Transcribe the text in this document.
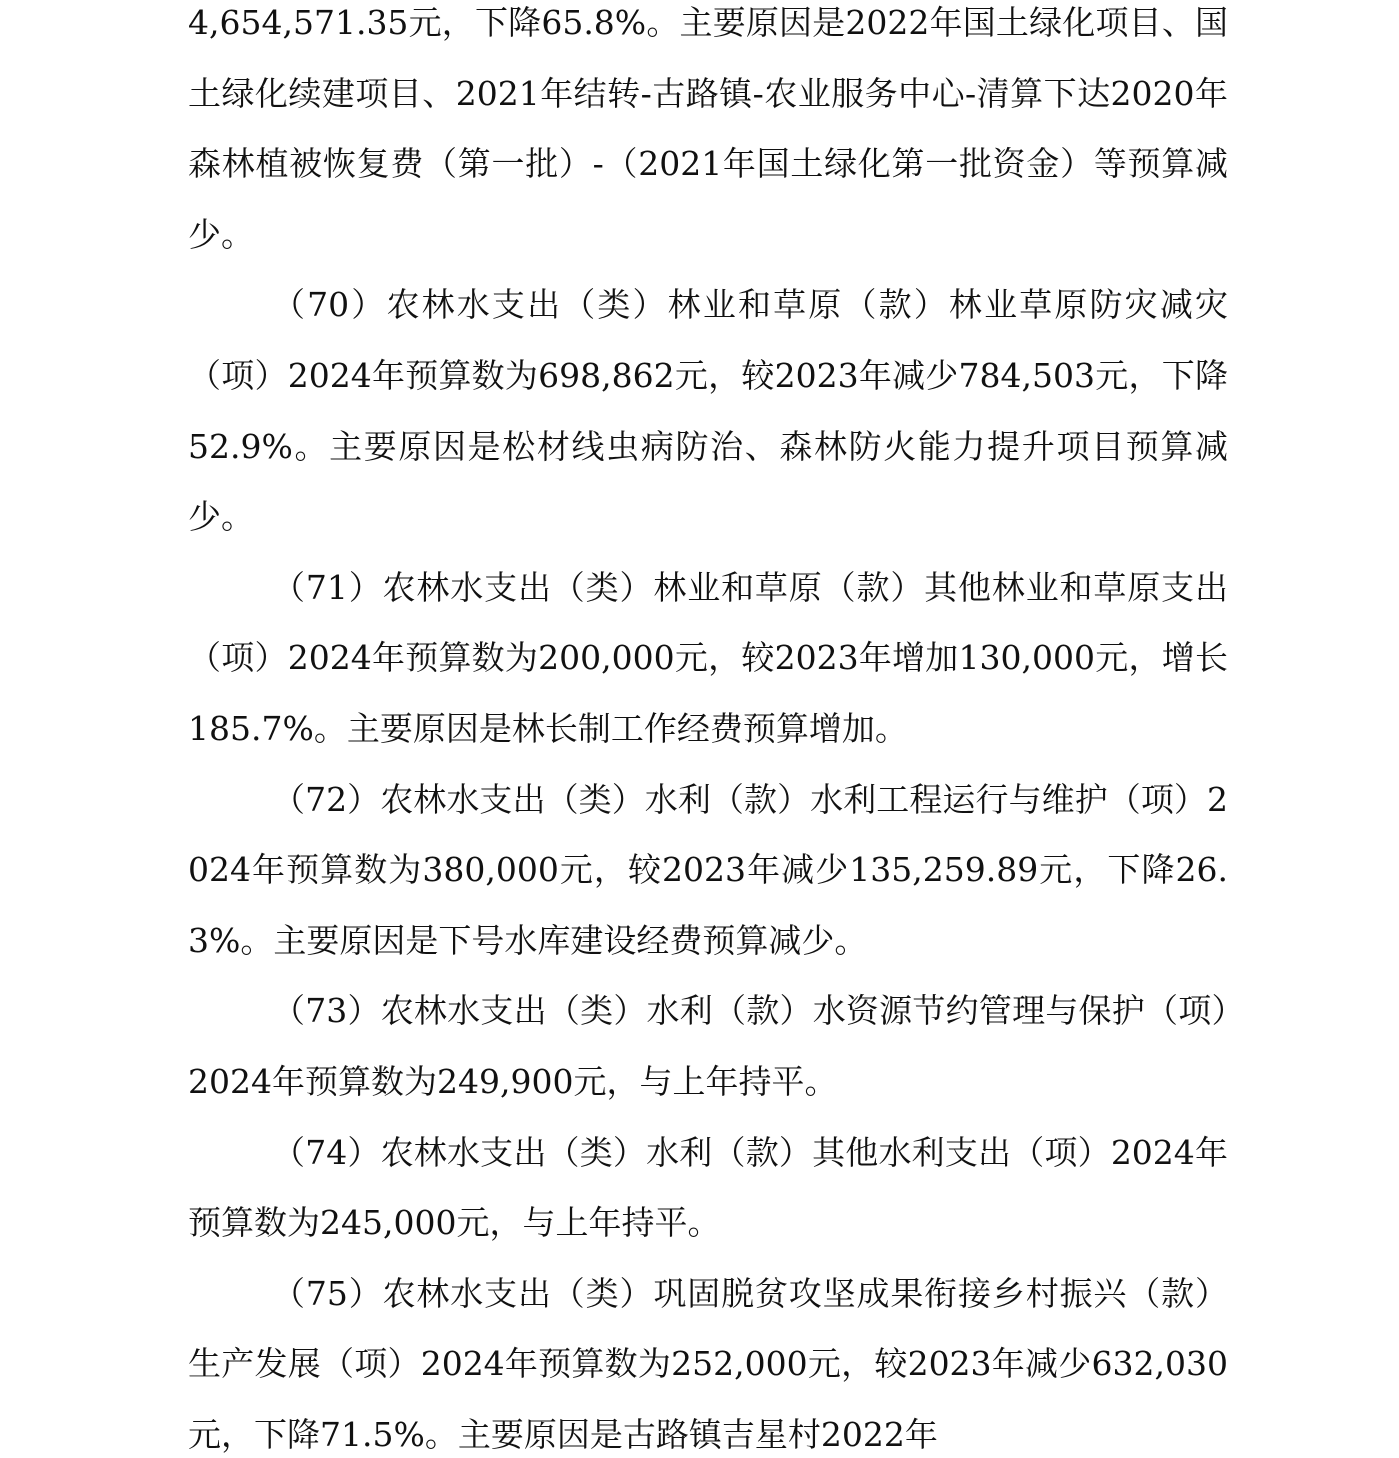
4,654,571.35元，下降65.8%。主要原因是2022年国土绿化项目、国土绿化续建项目、2021年结转-古路镇-农业服务中心-清算下达2020年森林植被恢复费（第一批）-（2021年国土绿化第一批资金）等预算减少。

（70）农林水支出（类）林业和草原（款）林业草原防灾减灾（项）2024年预算数为698,862元，较2023年减少784,503元，下降52.9%。主要原因是松材线虫病防治、森林防火能力提升项目预算减少。

（71）农林水支出（类）林业和草原（款）其他林业和草原支出（项）2024年预算数为200,000元，较2023年增加130,000元，增长185.7%。主要原因是林长制工作经费预算增加。

（72）农林水支出（类）水利（款）水利工程运行与维护（项）2024年预算数为380,000元，较2023年减少135,259.89元，下降26.3%。主要原因是下号水库建设经费预算减少。

（73）农林水支出（类）水利（款）水资源节约管理与保护（项）2024年预算数为249,900元，与上年持平。

（74）农林水支出（类）水利（款）其他水利支出（项）2024年预算数为245,000元，与上年持平。

（75）农林水支出（类）巩固脱贫攻坚成果衔接乡村振兴（款）生产发展（项）2024年预算数为252,000元，较2023年减少632,030元，下降71.5%。主要原因是古路镇吉星村2022年
